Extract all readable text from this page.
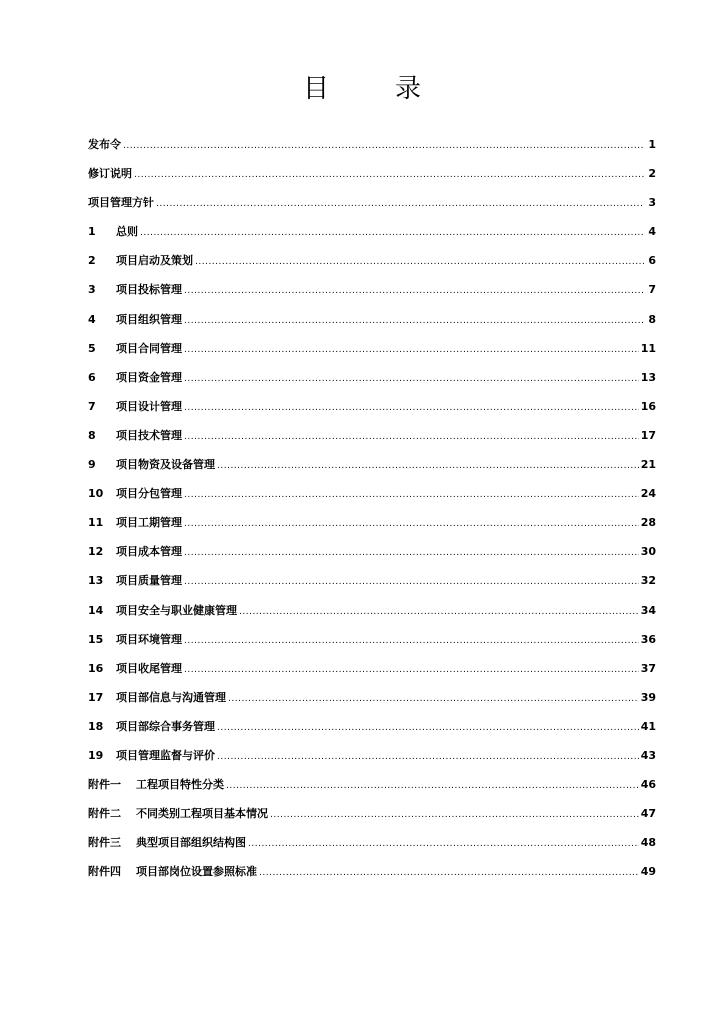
目　录
发布令 .....	1
修订说明 .....	2
项目管理方针 .....	3
1	总则 .....	4
2	项目启动及策划 .....	6
3	项目投标管理 .....	7
4	项目组织管理 .....	8
5	项目合同管理 .....	11
6	项目资金管理 .....	13
7	项目设计管理 .....	16
8	项目技术管理 .....	17
9	项目物资及设备管理 .....	21
10	项目分包管理 .....	24
11	项目工期管理 .....	28
12	项目成本管理 .....	30
13	项目质量管理 .....	32
14	项目安全与职业健康管理 .....	34
15	项目环境管理 .....	36
16	项目收尾管理 .....	37
17	项目部信息与沟通管理 .....	39
18	项目部综合事务管理 .....	41
19	项目管理监督与评价 .....	43
附件一	工程项目特性分类 .....	46
附件二	不同类别工程项目基本情况 .....	47
附件三	典型项目部组织结构图 .....	48
附件四	项目部岗位设置参照标准 .....	49
